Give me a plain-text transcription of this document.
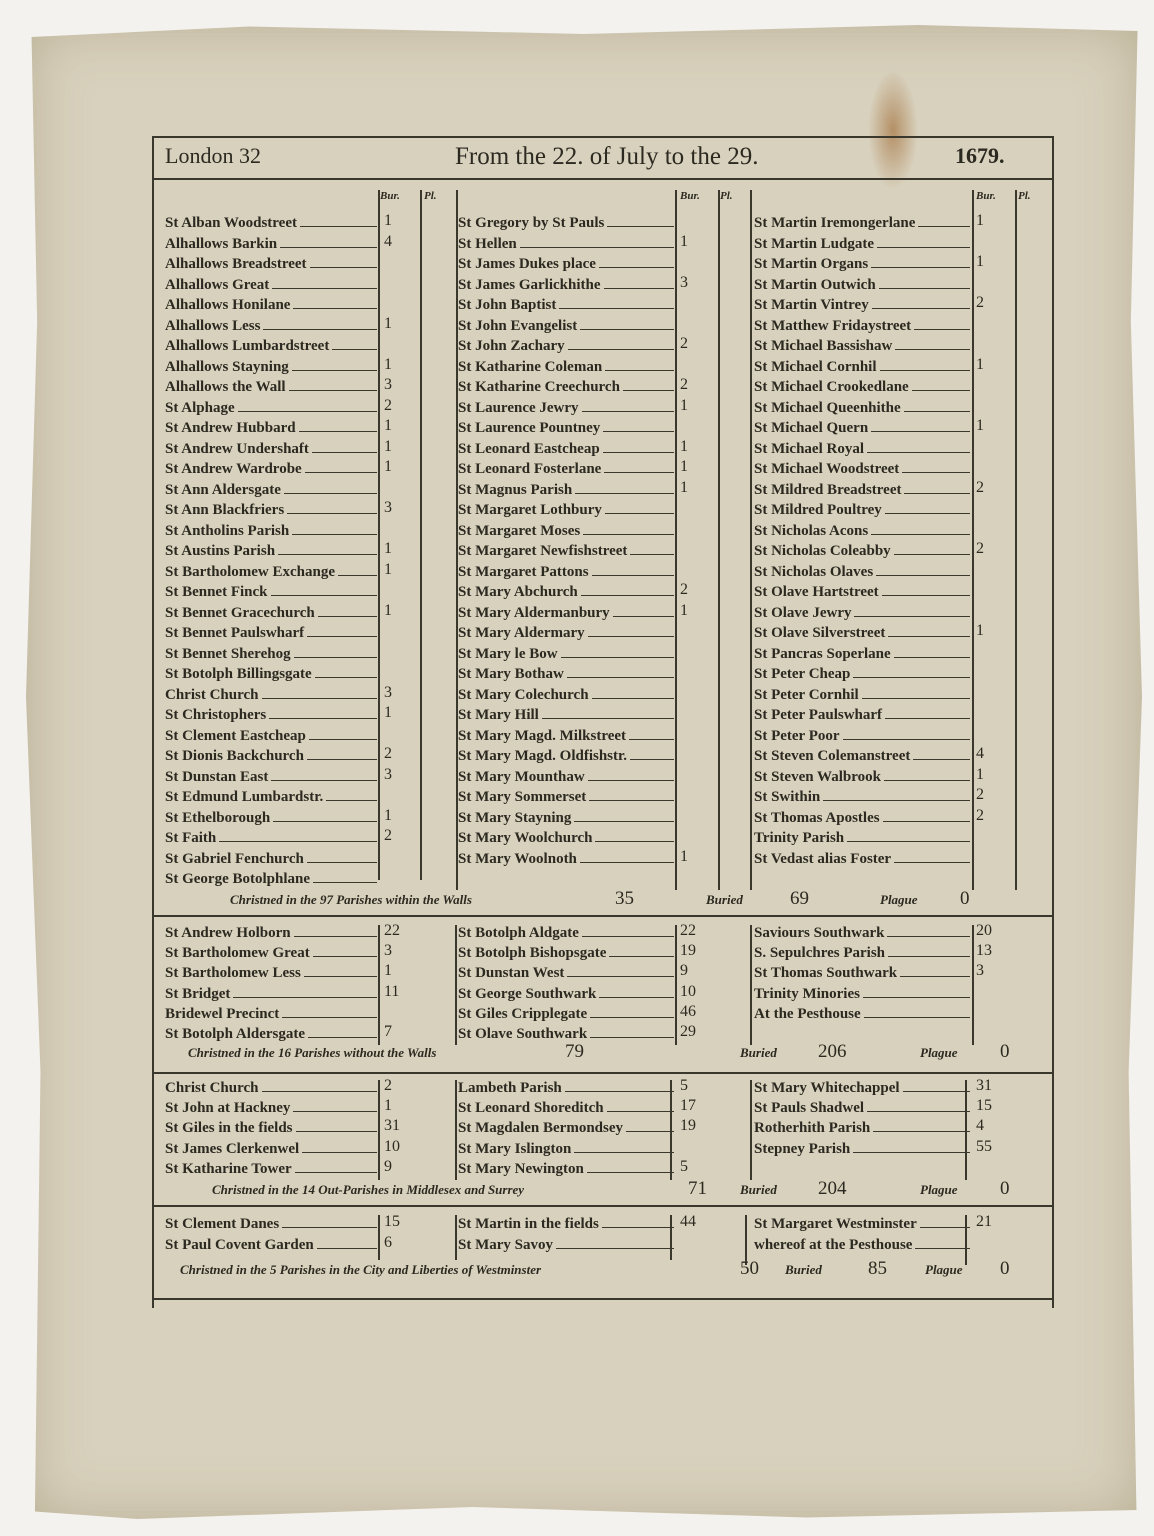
London 32	From the 22. of July to the 29.	1679.
Bur. Pl.	Bur. Pl.	Bur. Pl.
St Alban Woodstreet	1
Alhallows Barkin	4
Alhallows Breadstreet
Alhallows Great
Alhallows Honilane
Alhallows Less	1
Alhallows Lumbardstreet
Alhallows Stayning	1
Alhallows the Wall	3
St Alphage	2
St Andrew Hubbard	1
St Andrew Undershaft	1
St Andrew Wardrobe	1
St Ann Aldersgate
St Ann Blackfriers	3
St Antholins Parish
St Austins Parish	1
St Bartholomew Exchange	1
St Bennet Finck
St Bennet Gracechurch	1
St Bennet Paulswharf
St Bennet Sherehog
St Botolph Billingsgate
Christ Church	3
St Christophers	1
St Clement Eastcheap
St Dionis Backchurch	2
St Dunstan East	3
St Edmund Lumbardstr.
St Ethelborough	1
St Faith	2
St Gabriel Fenchurch
St George Botolphlane
St Gregory by St Pauls
St Hellen	1
St James Dukes place
St James Garlickhithe	3
St John Baptist
St John Evangelist
St John Zachary	2
St Katharine Coleman
St Katharine Creechurch	2
St Laurence Jewry	1
St Laurence Pountney
St Leonard Eastcheap	1
St Leonard Fosterlane	1
St Magnus Parish	1
St Margaret Lothbury
St Margaret Moses
St Margaret Newfishstreet
St Margaret Pattons
St Mary Abchurch	2
St Mary Aldermanbury	1
St Mary Aldermary
St Mary le Bow
St Mary Bothaw
St Mary Colechurch
St Mary Hill
St Mary Magd. Milkstreet
St Mary Magd. Oldfishstr.
St Mary Mounthaw
St Mary Sommerset
St Mary Stayning
St Mary Woolchurch
St Mary Woolnoth	1
St Martin Iremongerlane	1
St Martin Ludgate
St Martin Organs	1
St Martin Outwich
St Martin Vintrey	2
St Matthew Fridaystreet
St Michael Bassishaw
St Michael Cornhil	1
St Michael Crookedlane
St Michael Queenhithe
St Michael Quern	1
St Michael Royal
St Michael Woodstreet
St Mildred Breadstreet	2
St Mildred Poultrey
St Nicholas Acons
St Nicholas Coleabby	2
St Nicholas Olaves
St Olave Hartstreet
St Olave Jewry
St Olave Silverstreet	1
St Pancras Soperlane
St Peter Cheap
St Peter Cornhil
St Peter Paulswharf
St Peter Poor
St Steven Colemanstreet	4
St Steven Walbrook	1
St Swithin	2
St Thomas Apostles	2
Trinity Parish
St Vedast alias Foster
Christned in the 97 Parishes within the Walls	35	Buried 69	Plague 0
St Andrew Holborn	22
St Bartholomew Great	3
St Bartholomew Less	1
St Bridget	11
Bridewel Precinct
St Botolph Aldersgate	7
St Botolph Aldgate	22
St Botolph Bishopsgate	19
St Dunstan West	9
St George Southwark	10
St Giles Cripplegate	46
St Olave Southwark	29
Saviours Southwark	20
S. Sepulchres Parish	13
St Thomas Southwark	3
Trinity Minories
At the Pesthouse
Christned in the 16 Parishes without the Walls	79	Buried 206	Plague 0
Christ Church	2
St John at Hackney	1
St Giles in the fields	31
St James Clerkenwel	10
St Katharine Tower	9
Lambeth Parish	5
St Leonard Shoreditch	17
St Magdalen Bermondsey	19
St Mary Islington
St Mary Newington	5
St Mary Whitechappel	31
St Pauls Shadwel	15
Rotherhith Parish	4
Stepney Parish	55
Christned in the 14 Out-Parishes in Middlesex and Surrey	71	Buried 204	Plague 0
St Clement Danes	15
St Paul Covent Garden	6
St Martin in the fields	44
St Mary Savoy
St Margaret Westminster	21
whereof at the Pesthouse
Christned in the 5 Parishes in the City and Liberties of Westminster	50 Buried 85	Plague 0
